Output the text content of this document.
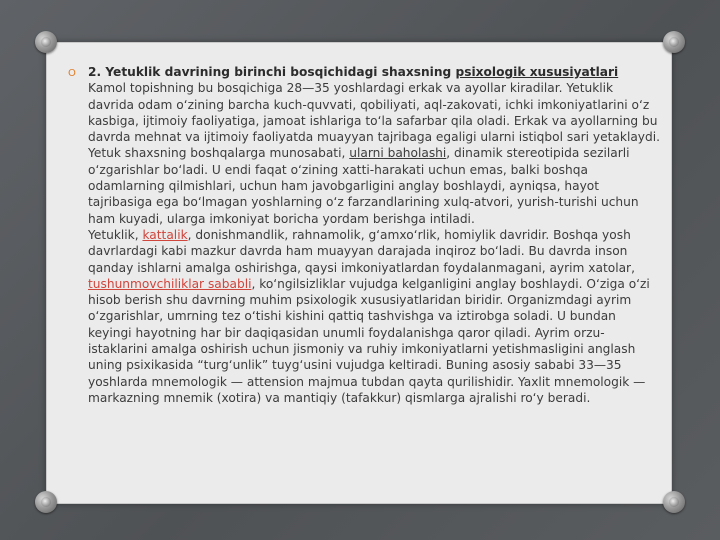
O 2. Yetuklik davrining birinchi bosqichidagi shaxsning psixologik xususiyatlari

Kamol topishning bu bosqichiga 28—35 yoshlardagi erkak va ayollar kiradilar. Yetuklik davrida odam o‘zining barcha kuch-quvvati, qobiliyati, aql-zakovati, ichki imkoniyatlarini o‘z kasbiga, ijtimoiy faoliyatiga, jamoat ishlariga to‘la safarbar qila oladi. Erkak va ayollarning bu davrda mehnat va ijtimoiy faoliyatda muayyan tajribaga egaligi ularni istiqbol sari yetaklaydi. Yetuk shaxsning boshqalarga munosabati, ularni baholashi, dinamik stereotipida sezilarli o‘zgarishlar bo‘ladi. U endi faqat o‘zining xatti-harakati uchun emas, balki boshqa odamlarning qilmishlari, uchun ham javobgarligini anglay boshlaydi, ayniqsa, hayot tajribasiga ega bo‘lmagan yoshlarning o‘z farzandlarining xulq-atvori, yurish-turishi uchun ham kuyadi, ularga imkoniyat boricha yordam berishga intiladi.

Yetuklik, kattalik, donishmandlik, rahnamolik, g‘amxo‘rlik, homiylik davridir. Boshqa yosh davrlardagi kabi mazkur davrda ham muayyan darajada inqiroz bo‘ladi. Bu davrda inson qanday ishlarni amalga oshirishga, qaysi imkoniyatlardan foydalanmagani, ayrim xatolar, tushunmovchiliklar sababli, ko‘ngilsizliklar vujudga kelganligini anglay boshlaydi. O‘ziga o‘zi hisob berish shu davrning muhim psixologik xususiyatlaridan biridir. Organizmdagi ayrim o‘zgarishlar, umrning tez o‘tishi kishini qattiq tashvishga va iztirobga soladi. U bundan keyingi hayotning har bir daqiqasidan unumli foydalanishga qaror qiladi. Ayrim orzu-istaklarini amalga oshirish uchun jismoniy va ruhiy imkoniyatlarni yetishmasligini anglash uning psixikasida “turg‘unlik” tuyg‘usini vujudga keltiradi. Buning asosiy sababi 33—35 yoshlarda mnemologik — attension majmua tubdan qayta qurilishidir. Yaxlit mnemologik — markazning mnemik (xotira) va mantiqiy (tafakkur) qismlarga ajralishi ro‘y beradi.
